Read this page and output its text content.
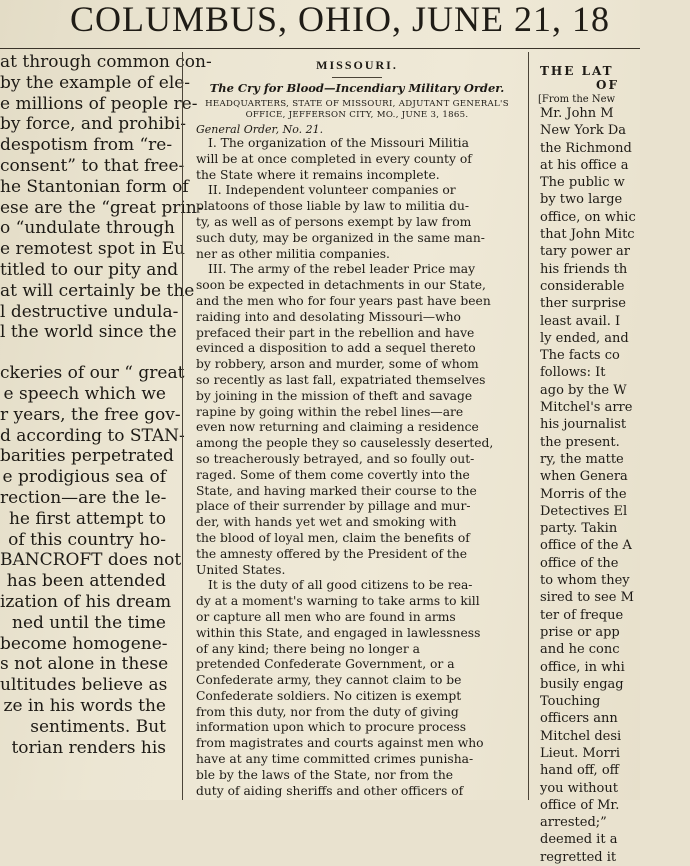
COLUMBUS, OHIO, JUNE 21, 18
at through common con-
by the example of ele-
e millions of people re-
by force, and prohibi-
despotism from “re-
consent” to that free-
he Stantonian form of
ese are the “great prin-
o “undulate through
e remotest spot in Eu
titled to our pity and
at will certainly be the
l destructive undula-
l the world since the
ckeries of our “ great
e speech which we
r years, the free gov-
d according to STAN-
barities perpetrated
e prodigious sea of
rection—are the le-
he first attempt to
of this country ho-
BANCROFT does not
has been attended
ization of his dream
ned until the time
become homogene-
s not alone in these
ultitudes believe as
ze in his words the
sentiments. But
torian renders his
MISSOURI.
The Cry for Blood—Incendiary Military Order.
HEADQUARTERS, STATE OF MISSOURI, ADJUTANT GENERAL'S OFFICE, JEFFERSON CITY, MO., JUNE 3, 1865.
General Order, No. 21.
I. The organization of the Missouri Militia
will be at once completed in every county of
the State where it remains incomplete.
II. Independent volunteer companies or
platoons of those liable by law to militia du-
ty, as well as of persons exempt by law from
such duty, may be organized in the same man-
ner as other militia companies.
III. The army of the rebel leader Price may
soon be expected in detachments in our State,
and the men who for four years past have been
raiding into and desolating Missouri—who
prefaced their part in the rebellion and have
evinced a disposition to add a sequel thereto
by robbery, arson and murder, some of whom
so recently as last fall, expatriated themselves
by joining in the mission of theft and savage
rapine by going within the rebel lines—are
even now returning and claiming a residence
among the people they so causelessly deserted,
so treacherously betrayed, and so foully out-
raged. Some of them come covertly into the
State, and having marked their course to the
place of their surrender by pillage and mur-
der, with hands yet wet and smoking with
the blood of loyal men, claim the benefits of
the amnesty offered by the President of the
United States.
It is the duty of all good citizens to be rea-
dy at a moment's warning to take arms to kill
or capture all men who are found in arms
within this State, and engaged in lawlessness
of any kind; there being no longer a
pretended Confederate Government, or a
Confederate army, they cannot claim to be
Confederate soldiers. No citizen is exempt
from this duty, nor from the duty of giving
information upon which to procure process
from magistrates and courts against men who
have at any time committed crimes punisha-
ble by the laws of the State, nor from the
duty of aiding sheriffs and other officers of
THE LAT
OF
[From the New
Mr. John M
New York Da
the Richmond
at his office a
The public w
by two large
office, on whic
that John Mitc
tary power ar
his friends th
considerable
ther surprise
least avail. I
ly ended, and
The facts co
follows: It
ago by the W
Mitchel's arre
his journalist
the present.
ry, the matte
when Genera
Morris of the
Detectives El
party. Takin
office of the A
office of the
to whom they
sired to see M
ter of freque
prise or app
and he conc
office, in whi
busily engag
Touching
officers ann
Mitchel desi
Lieut. Morri
hand off, off
you without
office of Mr.
arrested;”
deemed it a
regretted it
